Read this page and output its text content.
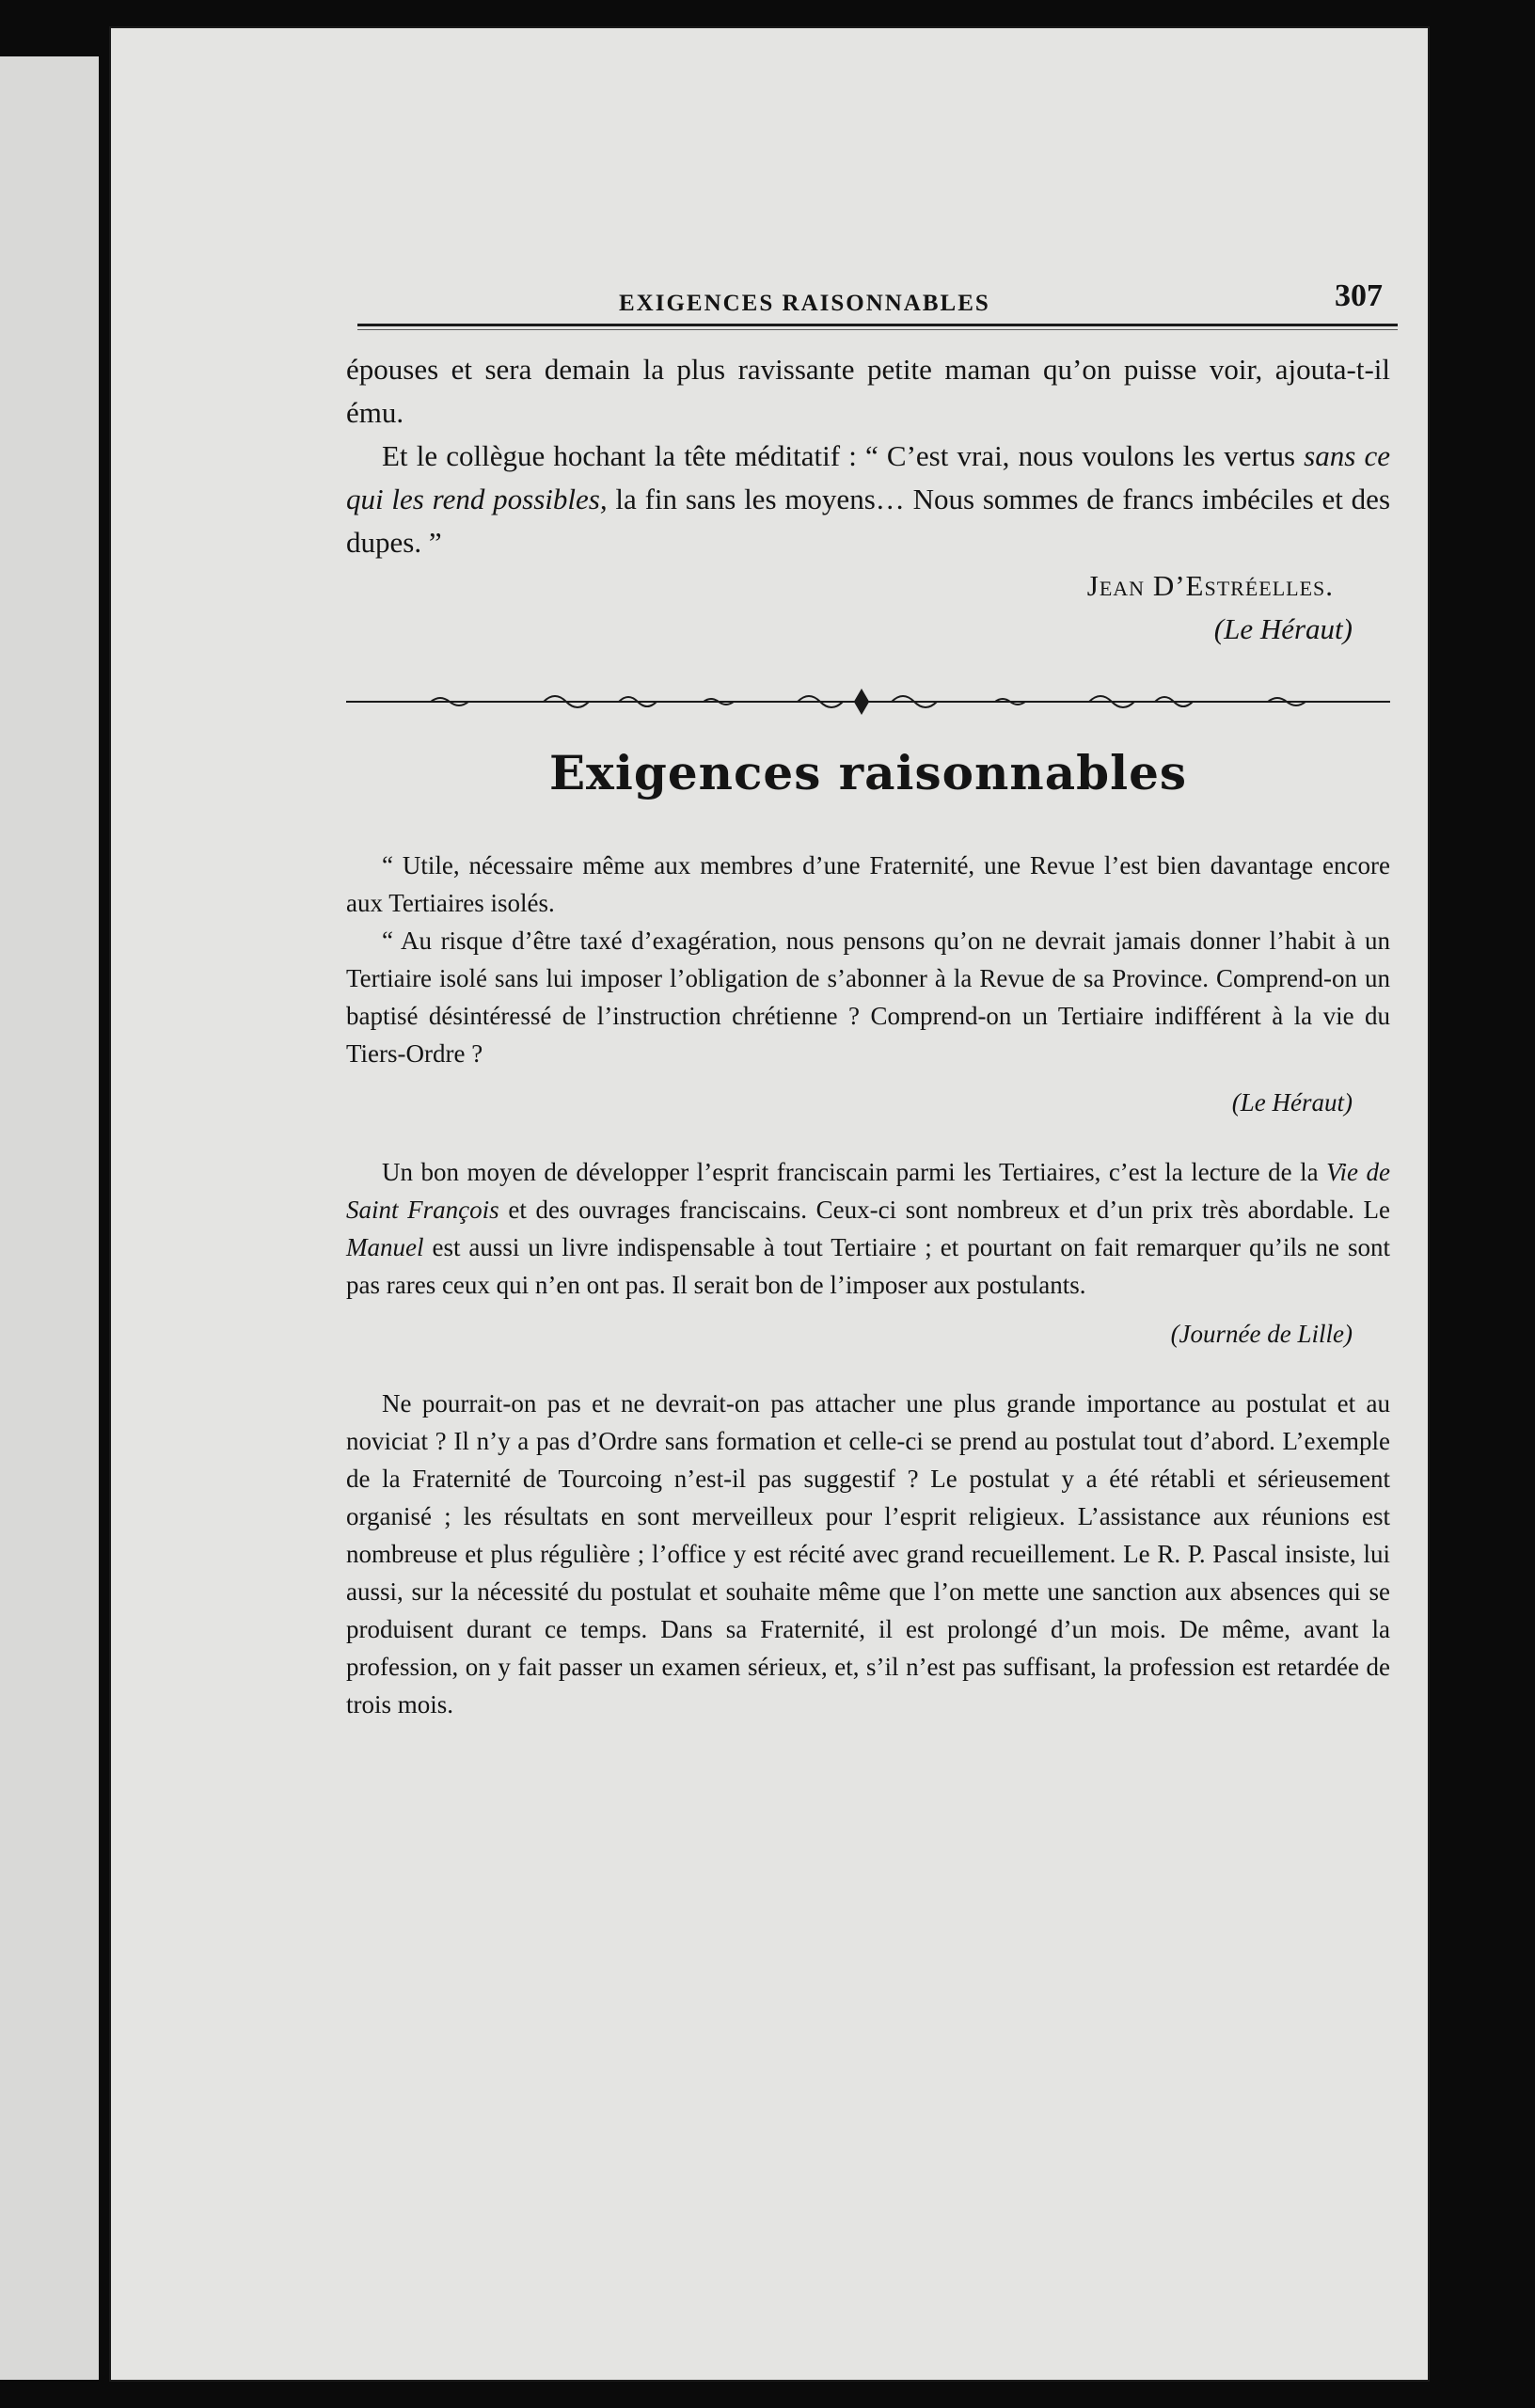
EXIGENCES RAISONNABLES	307

épouses et sera demain la plus ravissante petite maman qu’on puisse voir, ajouta-t-il ému.

Et le collègue hochant la tête méditatif : “ C’est vrai, nous voulons les vertus sans ce qui les rend possibles, la fin sans les moyens… Nous sommes de francs imbéciles et des dupes. ”

Jean D’Estréelles.

(Le Héraut)

Exigences raisonnables

“ Utile, nécessaire même aux membres d’une Fraternité, une Revue l’est bien davantage encore aux Tertiaires isolés.

“ Au risque d’être taxé d’exagération, nous pensons qu’on ne devrait jamais donner l’habit à un Tertiaire isolé sans lui imposer l’obligation de s’abonner à la Revue de sa Province. Comprend-on un baptisé désintéressé de l’instruction chrétienne ? Comprend-on un Tertiaire indifférent à la vie du Tiers-Ordre ?

(Le Héraut)

Un bon moyen de développer l’esprit franciscain parmi les Tertiaires, c’est la lecture de la Vie de Saint François et des ouvrages franciscains. Ceux-ci sont nombreux et d’un prix très abordable. Le Manuel est aussi un livre indispensable à tout Tertiaire ; et pourtant on fait remarquer qu’ils ne sont pas rares ceux qui n’en ont pas. Il serait bon de l’imposer aux postulants.

(Journée de Lille)

Ne pourrait-on pas et ne devrait-on pas attacher une plus grande importance au postulat et au noviciat ? Il n’y a pas d’Ordre sans formation et celle-ci se prend au postulat tout d’abord. L’exemple de la Fraternité de Tourcoing n’est-il pas suggestif ? Le postulat y a été rétabli et sérieusement organisé ; les résultats en sont merveilleux pour l’esprit religieux. L’assistance aux réunions est nombreuse et plus régulière ; l’office y est récité avec grand recueillement. Le R. P. Pascal insiste, lui aussi, sur la nécessité du postulat et souhaite même que l’on mette une sanction aux absences qui se produisent durant ce temps. Dans sa Fraternité, il est prolongé d’un mois. De même, avant la profession, on y fait passer un examen sérieux, et, s’il n’est pas suffisant, la profession est retardée de trois mois.
